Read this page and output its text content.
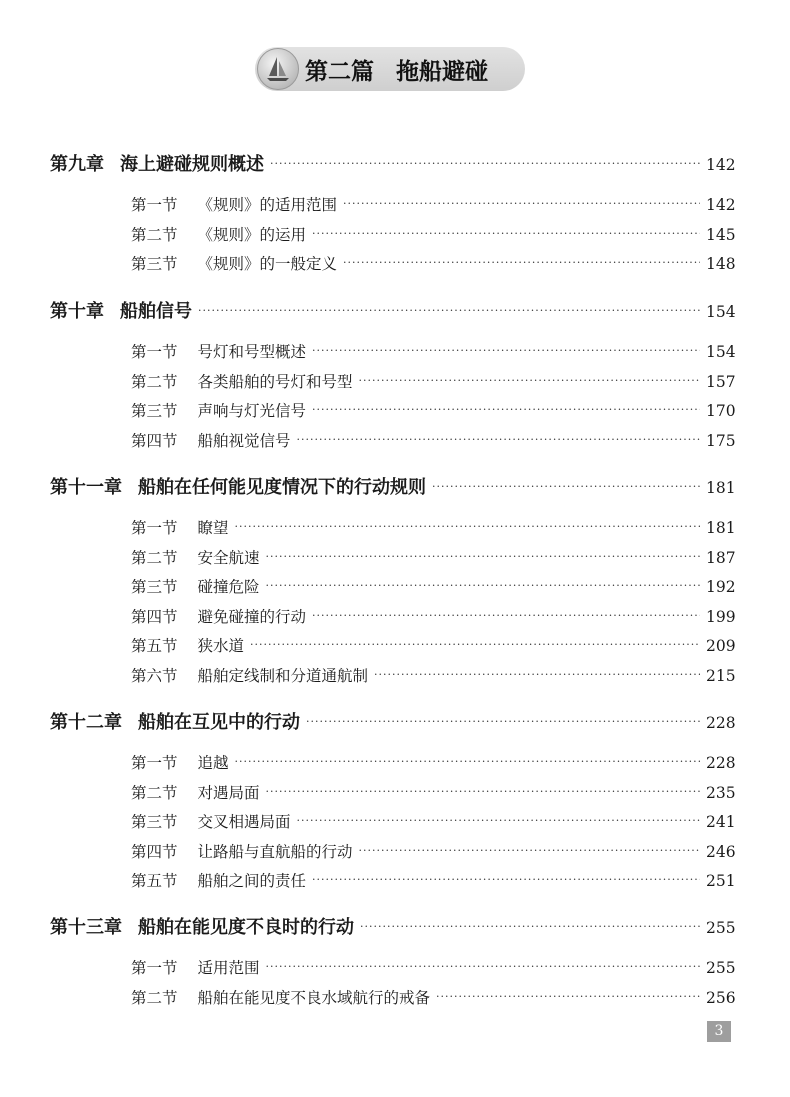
第二篇 拖船避碰
第九章 海上避碰规则概述 ·····	142
第一节 《规则》的适用范围 ·····	142
第二节 《规则》的运用 ·····	145
第三节 《规则》的一般定义 ·····	148
第十章 船舶信号 ·····	154
第一节 号灯和号型概述 ·····	154
第二节 各类船舶的号灯和号型 ·····	157
第三节 声响与灯光信号 ·····	170
第四节 船舶视觉信号 ·····	175
第十一章 船舶在任何能见度情况下的行动规则 ·····	181
第一节 瞭望 ·····	181
第二节 安全航速 ·····	187
第三节 碰撞危险 ·····	192
第四节 避免碰撞的行动 ·····	199
第五节 狭水道 ·····	209
第六节 船舶定线制和分道通航制 ·····	215
第十二章 船舶在互见中的行动 ·····	228
第一节 追越 ·····	228
第二节 对遇局面 ·····	235
第三节 交叉相遇局面 ·····	241
第四节 让路船与直航船的行动 ·····	246
第五节 船舶之间的责任 ·····	251
第十三章 船舶在能见度不良时的行动 ·····	255
第一节 适用范围 ·····	255
第二节 船舶在能见度不良水域航行的戒备 ·····	256
3
